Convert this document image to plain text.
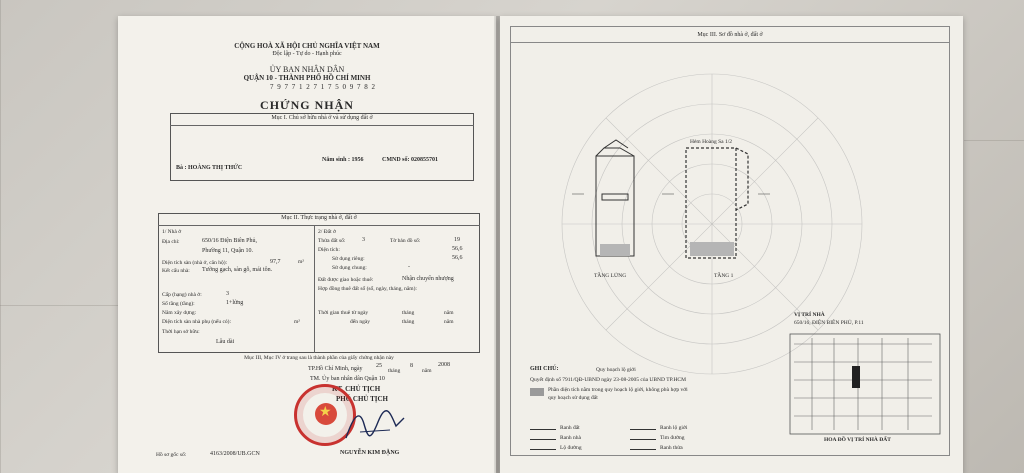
CỘNG HOÀ XÃ HỘI CHỦ NGHĨA VIỆT NAM
Độc lập - Tự do - Hạnh phúc
ỦY BAN NHÂN DÂN
QUẬN 10 - THÀNH PHỐ HỒ CHÍ MINH
7 9 7 7 1 2 7 1 7 5 0 9 7 8 2
CHỨNG NHẬN
Mục I. Chủ sở hữu nhà ở và sử dụng đất ở
Bà : HOÀNG THỊ THỨC
Năm sinh : 1956	CMND số: 020855701
Mục II. Thực trạng nhà ở, đất ở
1/ Nhà ở
Địa chỉ:	650/16 Điện Biên Phủ,
Phường 11, Quận 10.
Diện tích sàn (nhà ở, căn hộ):	97,7	m²
Kết cấu nhà: Tường gạch, sàn gỗ, mái tôn.
Cấp (hạng) nhà ở:	3
Số tầng (tầng):	1+lửng
Năm xây dựng:
Diện tích sàn nhà phụ (nếu có):	m²
Thời hạn sở hữu:
Lâu dài
2/ Đất ở
Thửa đất số:	3	Tờ bản đồ số:	19
Diện tích:	56,6
Sử dụng riêng:	56,6
Sử dụng chung:	-
Đất được giao hoặc thuê:	Nhận chuyển nhượng
Hợp đồng thuê đất số (số, ngày, tháng, năm):
Thời gian thuê từ ngày	tháng	năm
đến ngày	tháng	năm
Mục III, Mục IV ở trang sau là thành phần của giấy chứng nhận này
TP.Hồ Chí Minh, ngày 25
tháng
8
năm
2008
TM. Ủy ban nhân dân Quận 10
KT. CHỦ TỊCH
PHÓ CHỦ TỊCH
NGUYỄN KIM ĐẶNG
★
Hồ sơ gốc số:	4163/2008/UB.GCN
Mục III. Sơ đồ nhà ở, đất ở
Hẻm Hoàng Sa 1/2
TẦNG LỬNG	TẦNG 1
VỊ TRÍ NHÀ
650/16, ĐIỆN BIÊN PHỦ, P.11
GHI CHÚ:	Quy hoạch lộ giới
Quyết định số 7911/QĐ-UBND ngày 23-08-2005 của UBND TP.HCM
Phần diện tích nằm trong quy hoạch lộ giới, không phù hợp với
quy hoạch sử dụng đất
Ranh đất
Ranh nhà
Lộ đường
Ranh lộ giới
Tim đường
Ranh thửa
HOA ĐỒ VỊ TRÍ NHÀ ĐẤT
